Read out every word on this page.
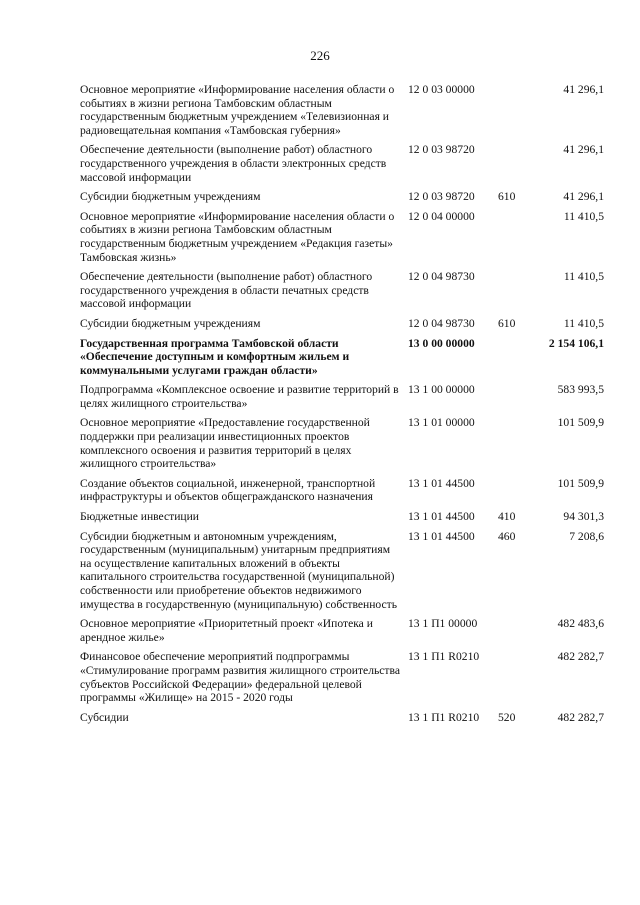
226
Основное мероприятие «Информирование населения области о событиях в жизни региона Тамбовским областным государственным бюджетным учреждением «Телевизионная и радиовещательная компания «Тамбовская губерния»
12 0 03 00000	41 296,1
Обеспечение деятельности (выполнение работ) областного государственного учреждения в области электронных средств массовой информации
12 0 03 98720	41 296,1
Субсидии бюджетным учреждениям	12 0 03 98720	610	41 296,1
Основное мероприятие «Информирование населения области о событиях в жизни региона Тамбовским областным государственным бюджетным учреждением «Редакция газеты» Тамбовская жизнь»
12 0 04 00000	11 410,5
Обеспечение деятельности (выполнение работ) областного государственного учреждения в области печатных средств массовой информации
12 0 04 98730	11 410,5
Субсидии бюджетным учреждениям	12 0 04 98730	610	11 410,5
Государственная программа Тамбовской области «Обеспечение доступным и комфортным жильем и коммунальными услугами граждан области»
13 0 00 00000	2 154 106,1
Подпрограмма «Комплексное освоение и развитие территорий в целях жилищного строительства»
13 1 00 00000	583 993,5
Основное мероприятие «Предоставление государственной поддержки при реализации инвестиционных проектов комплексного освоения и развития территорий в целях жилищного строительства»
13 1 01 00000	101 509,9
Создание объектов социальной, инженерной, транспортной инфраструктуры и объектов общегражданского назначения
13 1 01 44500	101 509,9
Бюджетные инвестиции	13 1 01 44500	410	94 301,3
Субсидии бюджетным и автономным учреждениям, государственным (муниципальным) унитарным предприятиям на осуществление капитальных вложений в объекты капитального строительства государственной (муниципальной) собственности или приобретение объектов недвижимого имущества в государственную (муниципальную) собственность
13 1 01 44500	460	7 208,6
Основное мероприятие «Приоритетный проект «Ипотека и арендное жилье»
13 1 П1 00000	482 483,6
Финансовое обеспечение мероприятий подпрограммы «Стимулирование программ развития жилищного строительства субъектов Российской Федерации» федеральной целевой программы «Жилище» на 2015 - 2020 годы
13 1 П1 R0210	482 282,7
Субсидии	13 1 П1 R0210	520	482 282,7
